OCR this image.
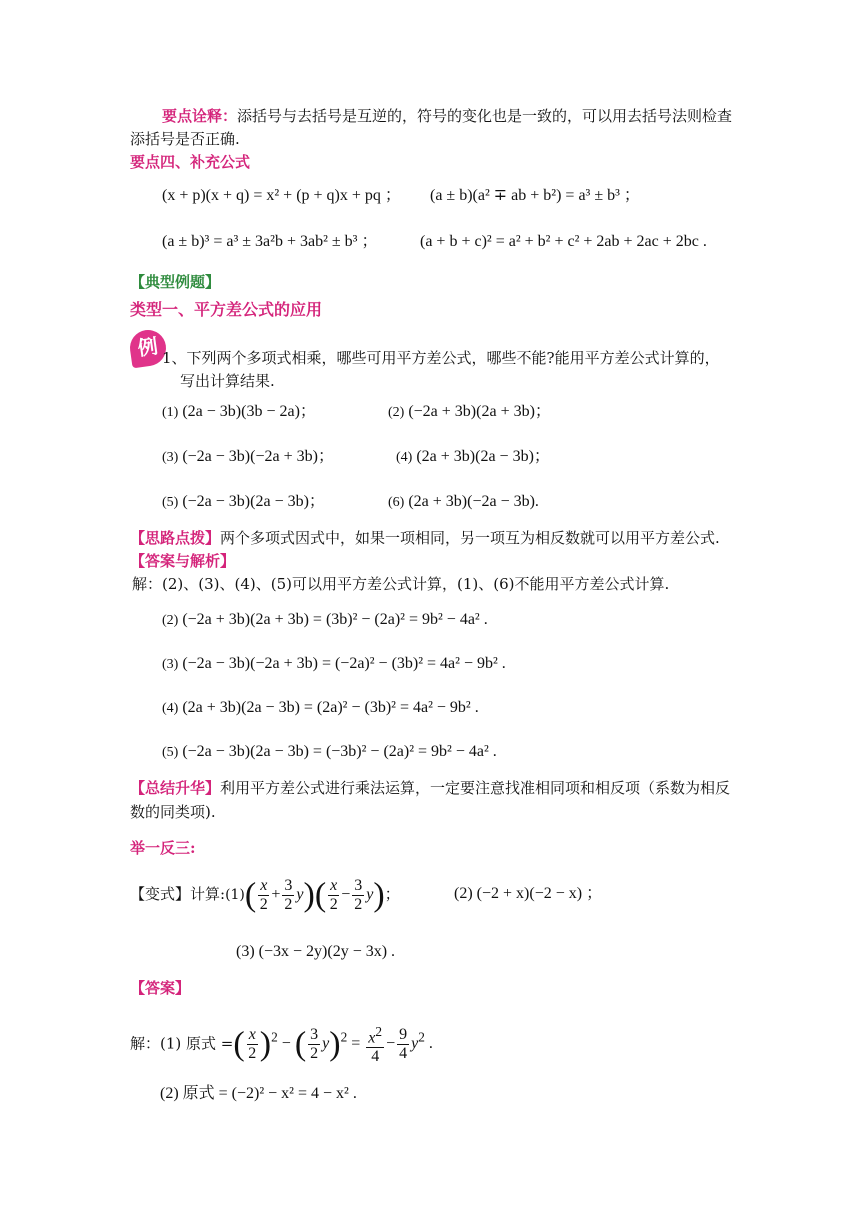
要点诠释：添括号与去括号是互逆的，符号的变化也是一致的，可以用去括号法则检查
添括号是否正确.
要点四、补充公式
(x + p)(x + q) = x² + (p + q)x + pq ； (a ± b)(a² ∓ ab + b²) = a³ ± b³ ；
(a ± b)³ = a³ ± 3a²b + 3ab² ± b³ ；	(a + b + c)² = a² + b² + c² + 2ab + 2ac + 2bc .
【典型例题】
类型一、平方差公式的应用
例 1、下列两个多项式相乘，哪些可用平方差公式，哪些不能?能用平方差公式计算的，
写出计算结果.
(1) (2a − 3b)(3b − 2a)；	(2) (−2a + 3b)(2a + 3b)；
(3) (−2a − 3b)(−2a + 3b)；	(4) (2a + 3b)(2a − 3b)；
(5) (−2a − 3b)(2a − 3b)；	(6) (2a + 3b)(−2a − 3b).
【思路点拨】两个多项式因式中，如果一项相同，另一项互为相反数就可以用平方差公式.
【答案与解析】
解：(2)、(3)、(4)、(5)可以用平方差公式计算，(1)、(6)不能用平方差公式计算.
(2) (−2a + 3b)(2a + 3b) = (3b)² − (2a)² = 9b² − 4a² .
(3) (−2a − 3b)(−2a + 3b) = (−2a)² − (3b)² = 4a² − 9b² .
(4) (2a + 3b)(2a − 3b) = (2a)² − (3b)² = 4a² − 9b² .
(5) (−2a − 3b)(2a − 3b) = (−3b)² − (2a)² = 9b² − 4a² .
【总结升华】利用平方差公式进行乘法运算，一定要注意找准相同项和相反项（系数为相反
数的同类项).
举一反三:
【变式】计算:(1)( $\frac{x}{2} + \frac{3}{2} y)( \frac{x}{2} - \frac{3}{2} y)$；	(2) (−2 + x)(−2 − x) ；
(3) (−3x − 2y)(2y − 3x) .
【答案】
解：(1) 原式 =( $\frac{x}{2} )^2$ − ( $\frac{3}{2} y)^2 = \frac{x^2}{4} - \frac{9}{4} y^2$ .
(2) 原式 = (−2)² − x² = 4 − x² .
